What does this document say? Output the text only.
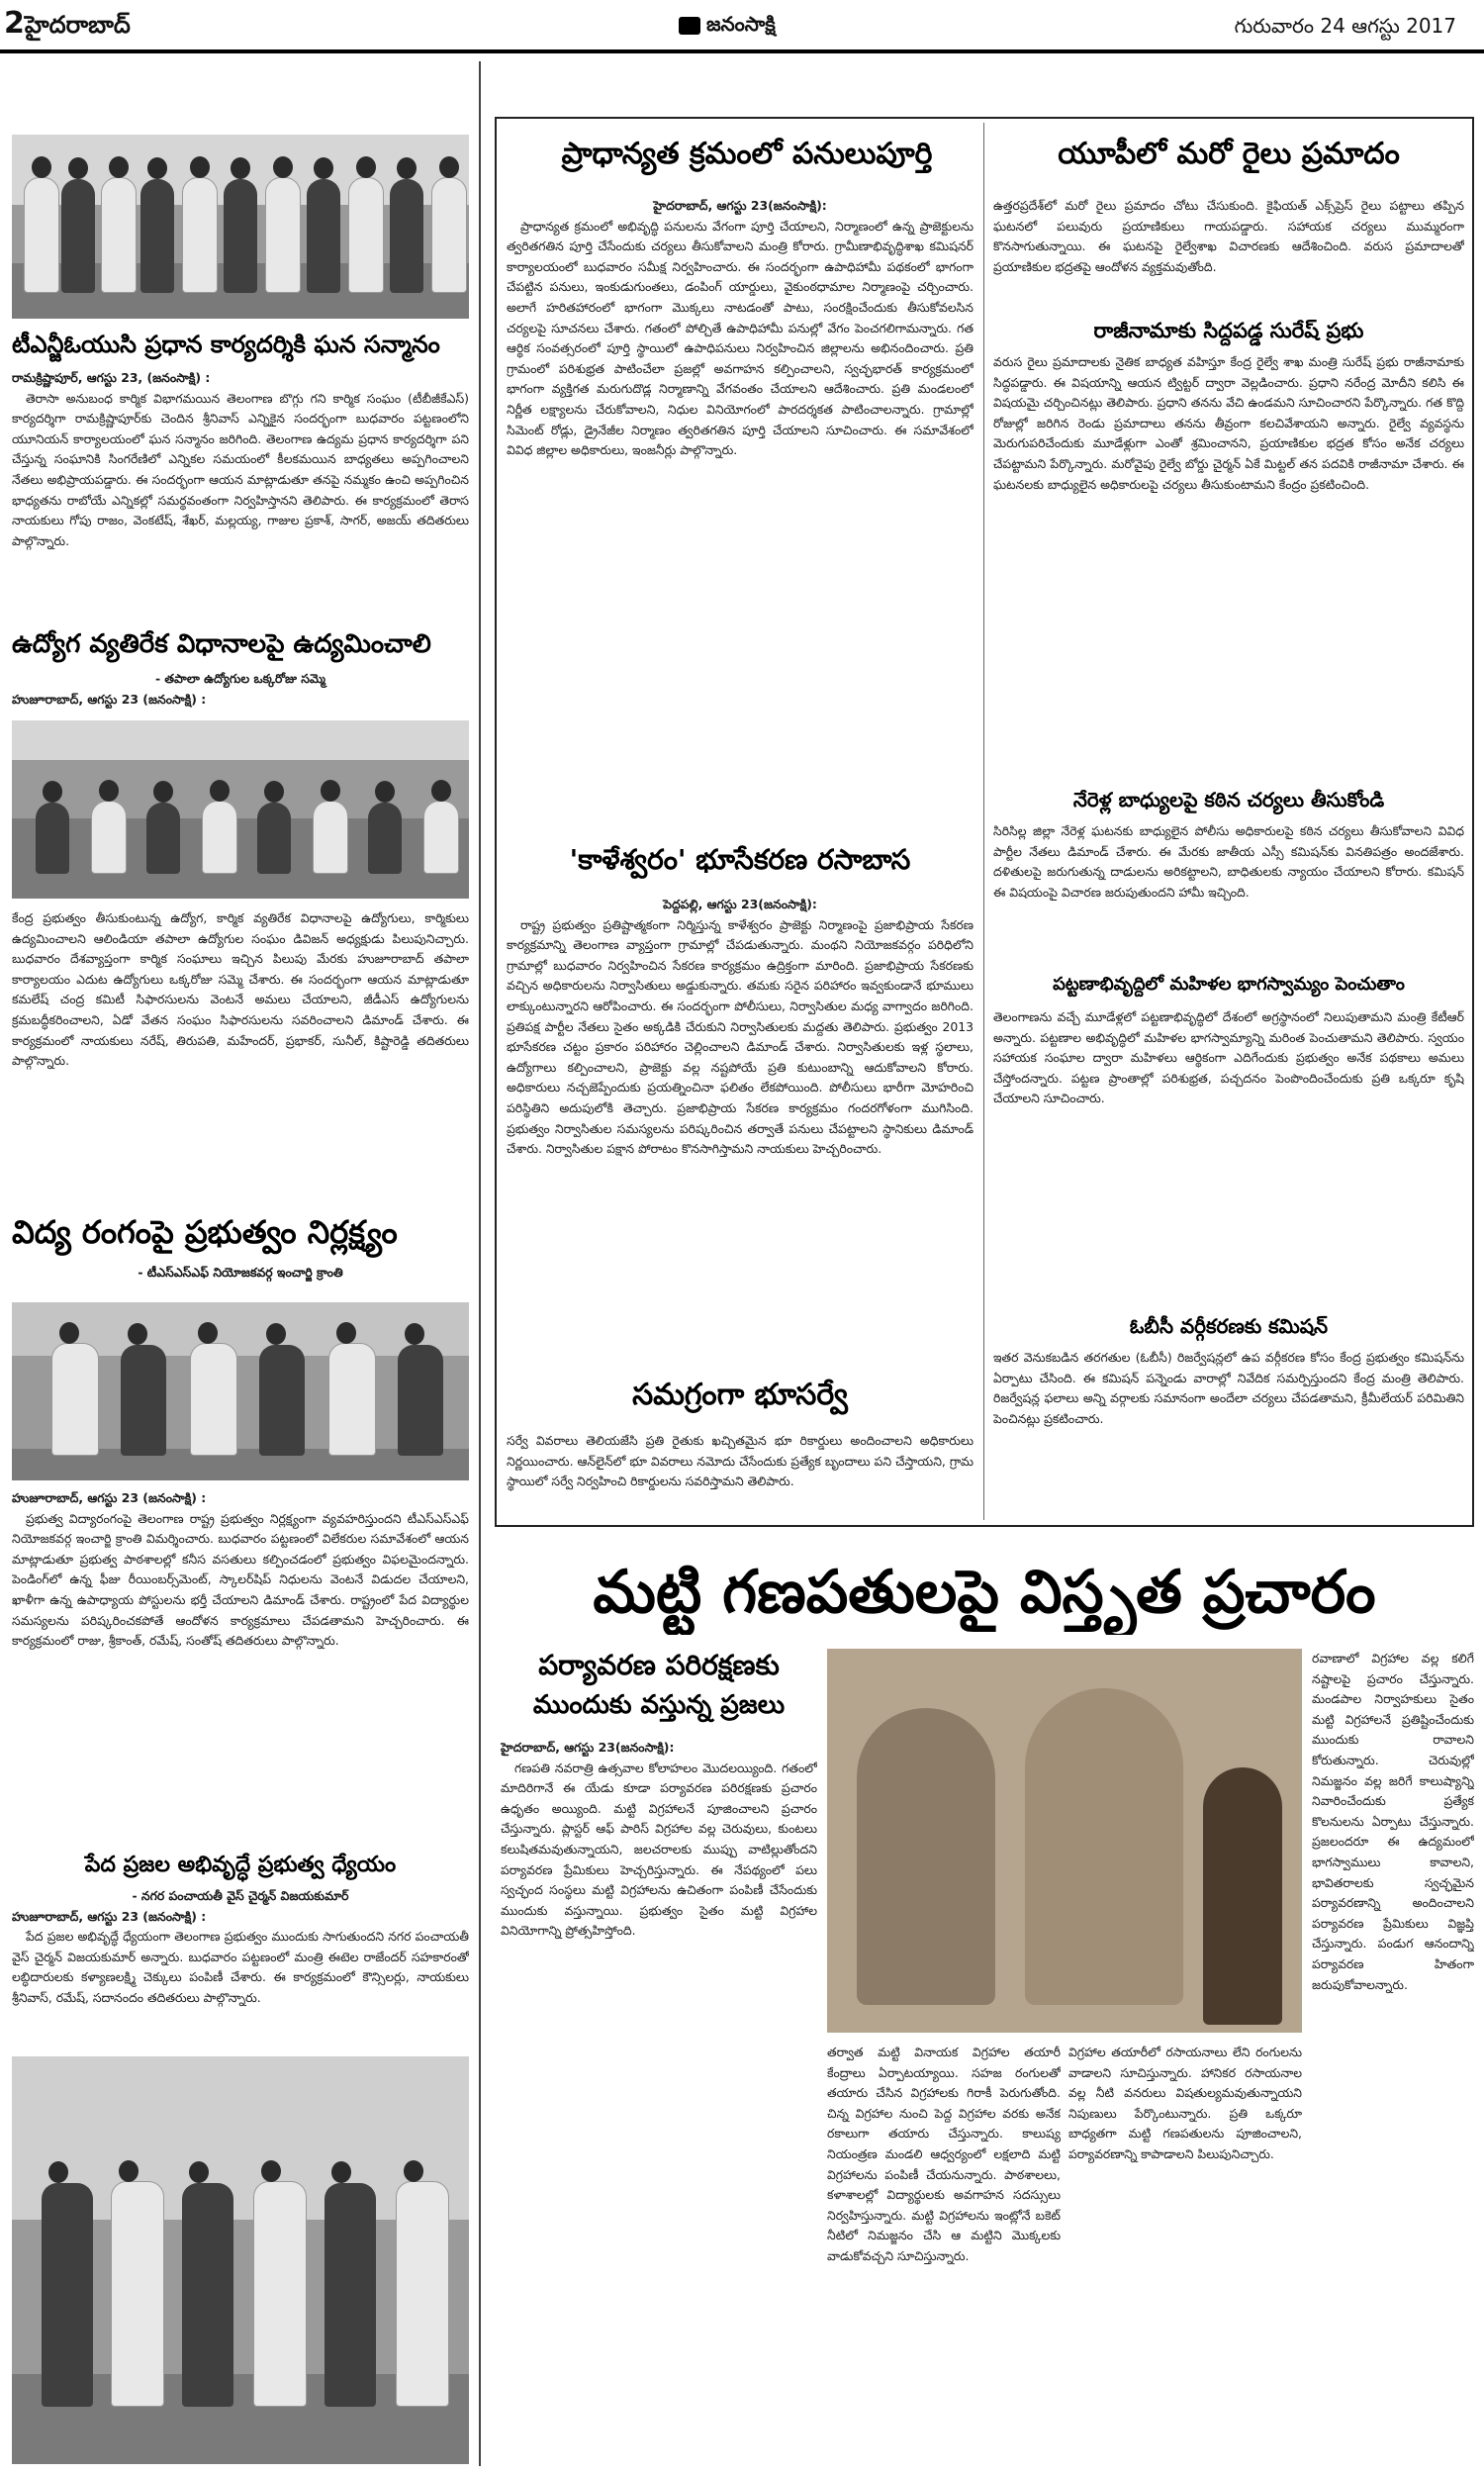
2హైదరాబాద్	జనంసాక్షి	గురువారం 24 ఆగస్టు 2017
టీఎన్జీఓయుసి ప్రధాన కార్యదర్శికి ఘన సన్మానం
రామక్రిష్ణాపూర్, ఆగస్టు 23, (జనంసాక్షి) :

తెరాసా అనుబంధ కార్మిక విభాగమయిన తెలంగాణ బొగ్గు గని కార్మిక సంఘం (టీబీజీకేఎస్) కార్యదర్శిగా రామక్రిష్ణాపూర్‌కు చెందిన శ్రీనివాస్ ఎన్నికైన సందర్భంగా బుధవారం పట్టణంలోని యూనియన్ కార్యాలయంలో ఘన సన్మానం జరిగింది. తెలంగాణ ఉద్యమ ప్రధాన కార్యదర్శిగా పని చేస్తున్న సంఘానికి సింగరేణిలో ఎన్నికల సమయంలో కీలకమయిన బాధ్యతలు అప్పగించాలని నేతలు అభిప్రాయపడ్డారు. ఈ సందర్భంగా ఆయన మాట్లాడుతూ తనపై నమ్మకం ఉంచి అప్పగించిన భాధ్యతను రాబోయే ఎన్నికల్లో సమర్థవంతంగా నిర్వహిస్తానని తెలిపారు. ఈ కార్యక్రమంలో తెరాస నాయకులు గోపు రాజం, వెంకటేష్, శేఖర్, మల్లయ్య, గాజుల ప్రకాశ్, సాగర్, అజయ్ తదితరులు పాల్గొన్నారు.

ఉద్యోగ వ్యతిరేక విధానాలపై ఉద్యమించాలి
- తపాలా ఉద్యోగుల ఒక్కరోజు సమ్మె
హుజూరాబాద్, ఆగస్టు 23 (జనంసాక్షి) :
కేంద్ర ప్రభుత్వం తీసుకుంటున్న ఉద్యోగ, కార్మిక వ్యతిరేక విధానాలపై ఉద్యోగులు, కార్మికులు ఉద్యమించాలని ఆలిండియా తపాలా ఉద్యోగుల సంఘం డివిజన్ అధ్యక్షుడు పిలుపునిచ్చారు. బుధవారం దేశవ్యాప్తంగా కార్మిక సంఘాలు ఇచ్చిన పిలుపు మేరకు హుజూరాబాద్ తపాలా కార్యాలయం ఎదుట ఉద్యోగులు ఒక్కరోజు సమ్మె చేశారు. ఈ సందర్భంగా ఆయన మాట్లాడుతూ కమలేష్ చంద్ర కమిటీ సిఫారసులను వెంటనే అమలు చేయాలని, జీడీఎస్ ఉద్యోగులను క్రమబద్ధీకరించాలని, ఏడో వేతన సంఘం సిఫారసులను సవరించాలని డిమాండ్ చేశారు. ఈ కార్యక్రమంలో నాయకులు నరేష్, తిరుపతి, మహేందర్, ప్రభాకర్, సునీల్, కిష్టారెడ్డి తదితరులు పాల్గొన్నారు.
విద్య రంగంపై ప్రభుత్వం నిర్లక్ష్యం
- టీఎస్ఎస్‌ఎఫ్ నియోజకవర్గ ఇంచార్జి క్రాంతి
హుజూరాబాద్, ఆగస్టు 23 (జనంసాక్షి) :

ప్రభుత్వ విద్యారంగంపై తెలంగాణ రాష్ట్ర ప్రభుత్వం నిర్లక్ష్యంగా వ్యవహరిస్తుందని టీఎస్ఎస్‌ఎఫ్ నియోజకవర్గ ఇంచార్జి క్రాంతి విమర్శించారు. బుధవారం పట్టణంలో విలేకరుల సమావేశంలో ఆయన మాట్లాడుతూ ప్రభుత్వ పాఠశాలల్లో కనీస వసతులు కల్పించడంలో ప్రభుత్వం విఫలమైందన్నారు. పెండింగ్‌లో ఉన్న ఫీజు రీయింబర్స్‌మెంట్, స్కాలర్‌షిప్ నిధులను వెంటనే విడుదల చేయాలని, ఖాళీగా ఉన్న ఉపాధ్యాయ పోస్టులను భర్తీ చేయాలని డిమాండ్ చేశారు. రాష్ట్రంలో పేద విద్యార్థుల సమస్యలను పరిష్కరించకపోతే ఆందోళన కార్యక్రమాలు చేపడతామని హెచ్చరించారు. ఈ కార్యక్రమంలో రాజు, శ్రీకాంత్, రమేష్, సంతోష్ తదితరులు పాల్గొన్నారు.

పేద ప్రజల అభివృద్ధే ప్రభుత్వ ధ్యేయం
- నగర పంచాయతీ వైస్ చైర్మన్ విజయకుమార్
హుజూరాబాద్, ఆగస్టు 23 (జనంసాక్షి) :

పేద ప్రజల అభివృద్ధే ధ్యేయంగా తెలంగాణ ప్రభుత్వం ముందుకు సాగుతుందని నగర పంచాయతీ వైస్ చైర్మన్ విజయకుమార్ అన్నారు. బుధవారం పట్టణంలో మంత్రి ఈటెల రాజేందర్ సహకారంతో లబ్ధిదారులకు కళ్యాణలక్ష్మి చెక్కులు పంపిణీ చేశారు. ఈ కార్యక్రమంలో కౌన్సిలర్లు, నాయకులు శ్రీనివాస్, రమేష్, సదానందం తదితరులు పాల్గొన్నారు.

ప్రాధాన్యత క్రమంలో పనులుపూర్తి
హైదరాబాద్, ఆగస్టు 23(జనంసాక్షి):

ప్రాధాన్యత క్రమంలో అభివృద్ధి పనులను వేగంగా పూర్తి చేయాలని, నిర్మాణంలో ఉన్న ప్రాజెక్టులను త్వరితగతిన పూర్తి చేసేందుకు చర్యలు తీసుకోవాలని మంత్రి కోరారు. గ్రామీణాభివృద్ధిశాఖ కమిషనర్ కార్యాలయంలో బుధవారం సమీక్ష నిర్వహించారు. ఈ సందర్భంగా ఉపాధిహామీ పథకంలో భాగంగా చేపట్టిన పనులు, ఇంకుడుగుంతలు, డంపింగ్ యార్డులు, వైకుంఠధామాల నిర్మాణంపై చర్చించారు. అలాగే హరితహారంలో భాగంగా మొక్కలు నాటడంతో పాటు, సంరక్షించేందుకు తీసుకోవలసిన చర్యలపై సూచనలు చేశారు. గతంలో పోల్చితే ఉపాధిహామీ పనుల్లో వేగం పెంచగలిగామన్నారు. గత ఆర్థిక సంవత్సరంలో పూర్తి స్థాయిలో ఉపాధిపనులు నిర్వహించిన జిల్లాలను అభినందించారు. ప్రతి గ్రామంలో పరిశుభ్రత పాటించేలా ప్రజల్లో అవగాహన కల్పించాలని, స్వచ్ఛభారత్ కార్యక్రమంలో భాగంగా వ్యక్తిగత మరుగుదొడ్ల నిర్మాణాన్ని వేగవంతం చేయాలని ఆదేశించారు. ప్రతి మండలంలో నిర్ణీత లక్ష్యాలను చేరుకోవాలని, నిధుల వినియోగంలో పారదర్శకత పాటించాలన్నారు. గ్రామాల్లో సిమెంట్ రోడ్లు, డ్రైనేజీల నిర్మాణం త్వరితగతిన పూర్తి చేయాలని సూచించారు. ఈ సమావేశంలో వివిధ జిల్లాల అధికారులు, ఇంజనీర్లు పాల్గొన్నారు.

'కాళేశ్వరం' భూసేకరణ రసాబాస
పెద్దపల్లి, ఆగస్టు 23(జనంసాక్షి):

రాష్ట్ర ప్రభుత్వం ప్రతిష్టాత్మకంగా నిర్మిస్తున్న కాళేశ్వరం ప్రాజెక్టు నిర్మాణంపై ప్రజాభిప్రాయ సేకరణ కార్యక్రమాన్ని తెలంగాణ వ్యాప్తంగా గ్రామాల్లో చేపడుతున్నారు. మంథని నియోజకవర్గం పరిధిలోని గ్రామాల్లో బుధవారం నిర్వహించిన సేకరణ కార్యక్రమం ఉద్రిక్తంగా మారింది. ప్రజాభిప్రాయ సేకరణకు వచ్చిన అధికారులను నిర్వాసితులు అడ్డుకున్నారు. తమకు సరైన పరిహారం ఇవ్వకుండానే భూములు లాక్కుంటున్నారని ఆరోపించారు. ఈ సందర్భంగా పోలీసులు, నిర్వాసితుల మధ్య వాగ్వాదం జరిగింది. ప్రతిపక్ష పార్టీల నేతలు సైతం అక్కడికి చేరుకుని నిర్వాసితులకు మద్దతు తెలిపారు. ప్రభుత్వం 2013 భూసేకరణ చట్టం ప్రకారం పరిహారం చెల్లించాలని డిమాండ్ చేశారు. నిర్వాసితులకు ఇళ్ల స్థలాలు, ఉద్యోగాలు కల్పించాలని, ప్రాజెక్టు వల్ల నష్టపోయే ప్రతి కుటుంబాన్ని ఆదుకోవాలని కోరారు. అధికారులు నచ్చజెప్పేందుకు ప్రయత్నించినా ఫలితం లేకపోయింది. పోలీసులు భారీగా మోహరించి పరిస్థితిని అదుపులోకి తెచ్చారు. ప్రజాభిప్రాయ సేకరణ కార్యక్రమం గందరగోళంగా ముగిసింది. ప్రభుత్వం నిర్వాసితుల సమస్యలను పరిష్కరించిన తర్వాతే పనులు చేపట్టాలని స్థానికులు డిమాండ్ చేశారు. నిర్వాసితుల పక్షాన పోరాటం కొనసాగిస్తామని నాయకులు హెచ్చరించారు.

సమగ్రంగా భూసర్వే
సర్వే వివరాలు తెలియజేసి ప్రతి రైతుకు ఖచ్చితమైన భూ రికార్డులు అందించాలని అధికారులు నిర్ణయించారు. ఆన్‌లైన్‌లో భూ వివరాలు నమోదు చేసేందుకు ప్రత్యేక బృందాలు పని చేస్తాయని, గ్రామ స్థాయిలో సర్వే నిర్వహించి రికార్డులను సవరిస్తామని తెలిపారు.
యూపీలో మరో రైలు ప్రమాదం
ఉత్తరప్రదేశ్‌లో మరో రైలు ప్రమాదం చోటు చేసుకుంది. కైఫియత్ ఎక్స్‌ప్రెస్ రైలు పట్టాలు తప్పిన ఘటనలో పలువురు ప్రయాణికులు గాయపడ్డారు. సహాయక చర్యలు ముమ్మరంగా కొనసాగుతున్నాయి. ఈ ఘటనపై రైల్వేశాఖ విచారణకు ఆదేశించింది. వరుస ప్రమాదాలతో ప్రయాణికుల భద్రతపై ఆందోళన వ్యక్తమవుతోంది.
రాజీనామాకు సిద్దపడ్డ సురేష్ ప్రభు
వరుస రైలు ప్రమాదాలకు నైతిక బాధ్యత వహిస్తూ కేంద్ర రైల్వే శాఖ మంత్రి సురేష్ ప్రభు రాజీనామాకు సిద్ధపడ్డారు. ఈ విషయాన్ని ఆయన ట్విట్టర్ ద్వారా వెల్లడించారు. ప్రధాని నరేంద్ర మోదీని కలిసి ఈ విషయమై చర్చించినట్లు తెలిపారు. ప్రధాని తనను వేచి ఉండమని సూచించారని పేర్కొన్నారు. గత కొద్ది రోజుల్లో జరిగిన రెండు ప్రమాదాలు తనను తీవ్రంగా కలచివేశాయని అన్నారు. రైల్వే వ్యవస్థను మెరుగుపరిచేందుకు మూడేళ్లుగా ఎంతో శ్రమించానని, ప్రయాణికుల భద్రత కోసం అనేక చర్యలు చేపట్టామని పేర్కొన్నారు. మరోవైపు రైల్వే బోర్డు చైర్మన్ ఏకే మిట్టల్ తన పదవికి రాజీనామా చేశారు. ఈ ఘటనలకు బాధ్యులైన అధికారులపై చర్యలు తీసుకుంటామని కేంద్రం ప్రకటించింది.
నేరెళ్ల బాధ్యులపై కఠిన చర్యలు తీసుకోండి
సిరిసిల్ల జిల్లా నేరెళ్ల ఘటనకు బాధ్యులైన పోలీసు అధికారులపై కఠిన చర్యలు తీసుకోవాలని వివిధ పార్టీల నేతలు డిమాండ్ చేశారు. ఈ మేరకు జాతీయ ఎస్సీ కమిషన్‌కు వినతిపత్రం అందజేశారు. దళితులపై జరుగుతున్న దాడులను అరికట్టాలని, బాధితులకు న్యాయం చేయాలని కోరారు. కమిషన్ ఈ విషయంపై విచారణ జరుపుతుందని హామీ ఇచ్చింది.
పట్టణాభివృద్దిలో మహిళల భాగస్వామ్యం పెంచుతాం
తెలంగాణను వచ్చే మూడేళ్లలో పట్టణాభివృద్ధిలో దేశంలో అగ్రస్థానంలో నిలుపుతామని మంత్రి కేటీఆర్ అన్నారు. పట్టణాల అభివృద్ధిలో మహిళల భాగస్వామ్యాన్ని మరింత పెంచుతామని తెలిపారు. స్వయం సహాయక సంఘాల ద్వారా మహిళలు ఆర్థికంగా ఎదిగేందుకు ప్రభుత్వం అనేక పథకాలు అమలు చేస్తోందన్నారు. పట్టణ ప్రాంతాల్లో పరిశుభ్రత, పచ్చదనం పెంపొందించేందుకు ప్రతి ఒక్కరూ కృషి చేయాలని సూచించారు.
ఓబీసీ వర్గీకరణకు కమిషన్
ఇతర వెనుకబడిన తరగతుల (ఓబీసీ) రిజర్వేషన్లలో ఉప వర్గీకరణ కోసం కేంద్ర ప్రభుత్వం కమిషన్‌ను ఏర్పాటు చేసింది. ఈ కమిషన్ పన్నెండు వారాల్లో నివేదిక సమర్పిస్తుందని కేంద్ర మంత్రి తెలిపారు. రిజర్వేషన్ల ఫలాలు అన్ని వర్గాలకు సమానంగా అందేలా చర్యలు చేపడతామని, క్రీమీలేయర్ పరిమితిని పెంచినట్లు ప్రకటించారు.
మట్టి గణపతులపై విస్తృత ప్రచారం
పర్యావరణ పరిరక్షణకు
ముందుకు వస్తున్న ప్రజలు
హైదరాబాద్, ఆగస్టు 23(జనంసాక్షి):

గణపతి నవరాత్రి ఉత్సవాల కోలాహలం మొదలయ్యింది. గతంలో మాదిరిగానే ఈ యేడు కూడా పర్యావరణ పరిరక్షణకు ప్రచారం ఉధృతం అయ్యింది. మట్టి విగ్రహాలనే పూజించాలని ప్రచారం చేస్తున్నారు. ప్లాస్టర్ ఆఫ్ పారిస్ విగ్రహాల వల్ల చెరువులు, కుంటలు కలుషితమవుతున్నాయని, జలచరాలకు ముప్పు వాటిల్లుతోందని పర్యావరణ ప్రేమికులు హెచ్చరిస్తున్నారు. ఈ నేపథ్యంలో పలు స్వచ్ఛంద సంస్థలు మట్టి విగ్రహాలను ఉచితంగా పంపిణీ చేసేందుకు ముందుకు వస్తున్నాయి. ప్రభుత్వం సైతం మట్టి విగ్రహాల వినియోగాన్ని ప్రోత్సహిస్తోంది.

తర్వాత మట్టి వినాయక విగ్రహాల తయారీ కేంద్రాలు ఏర్పాటయ్యాయి. సహజ రంగులతో తయారు చేసిన విగ్రహాలకు గిరాకీ పెరుగుతోంది. చిన్న విగ్రహాల నుంచి పెద్ద విగ్రహాల వరకు అనేక రకాలుగా తయారు చేస్తున్నారు. కాలుష్య నియంత్రణ మండలి ఆధ్వర్యంలో లక్షలాది మట్టి విగ్రహాలను పంపిణీ చేయనున్నారు. పాఠశాలలు, కళాశాలల్లో విద్యార్థులకు అవగాహన సదస్సులు నిర్వహిస్తున్నారు. మట్టి విగ్రహాలను ఇంట్లోనే బకెట్ నీటిలో నిమజ్జనం చేసి ఆ మట్టిని మొక్కలకు వాడుకోవచ్చని సూచిస్తున్నారు.
విగ్రహాల తయారీలో రసాయనాలు లేని రంగులను వాడాలని సూచిస్తున్నారు. హానికర రసాయనాల వల్ల నీటి వనరులు విషతుల్యమవుతున్నాయని నిపుణులు పేర్కొంటున్నారు. ప్రతి ఒక్కరూ బాధ్యతగా మట్టి గణపతులను పూజించాలని, పర్యావరణాన్ని కాపాడాలని పిలుపునిచ్చారు.
రవాణాలో విగ్రహాల వల్ల కలిగే నష్టాలపై ప్రచారం చేస్తున్నారు. మండపాల నిర్వాహకులు సైతం మట్టి విగ్రహాలనే ప్రతిష్టించేందుకు ముందుకు రావాలని కోరుతున్నారు. చెరువుల్లో నిమజ్జనం వల్ల జరిగే కాలుష్యాన్ని నివారించేందుకు ప్రత్యేక కొలనులను ఏర్పాటు చేస్తున్నారు. ప్రజలందరూ ఈ ఉద్యమంలో భాగస్వాములు కావాలని, భావితరాలకు స్వచ్ఛమైన పర్యావరణాన్ని అందించాలని పర్యావరణ ప్రేమికులు విజ్ఞప్తి చేస్తున్నారు. పండుగ ఆనందాన్ని పర్యావరణ హితంగా జరుపుకోవాలన్నారు.
